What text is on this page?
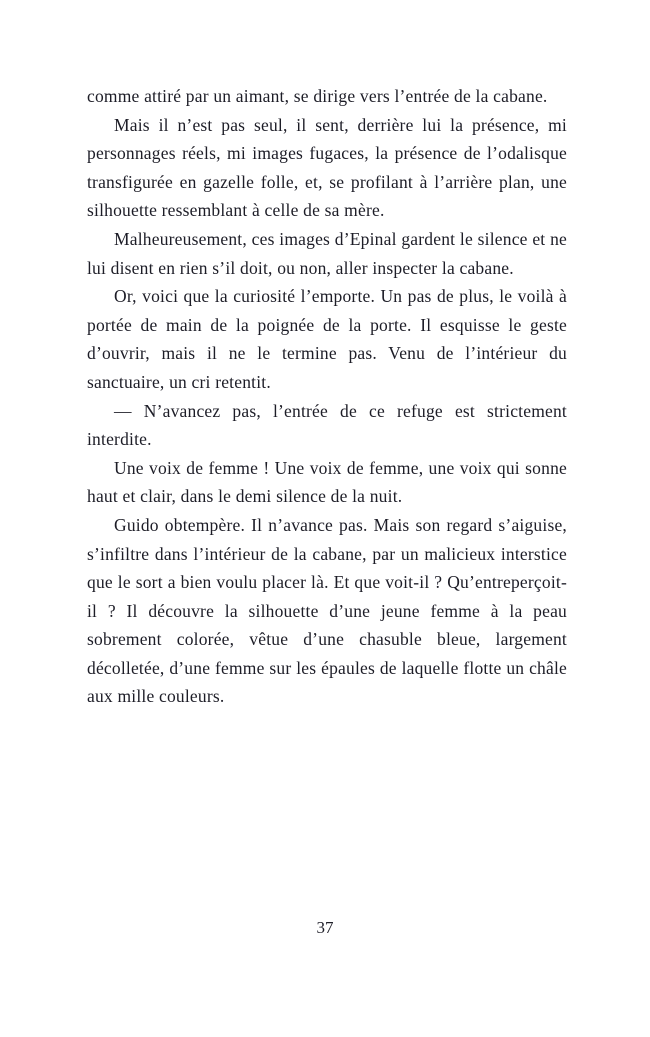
comme attiré par un aimant, se dirige vers l’entrée de la cabane.

Mais il n’est pas seul, il sent, derrière lui la présence, mi personnages réels, mi images fugaces, la présence de l’odalisque transfigurée en gazelle folle, et, se profilant à l’arrière plan, une silhouette ressemblant à celle de sa mère.

Malheureusement, ces images d’Epinal gardent le silence et ne lui disent en rien s’il doit, ou non, aller inspecter la cabane.

Or, voici que la curiosité l’emporte. Un pas de plus, le voilà à portée de main de la poignée de la porte. Il esquisse le geste d’ouvrir, mais il ne le termine pas. Venu de l’intérieur du sanctuaire, un cri retentit.

— N’avancez pas, l’entrée de ce refuge est strictement interdite.

Une voix de femme ! Une voix de femme, une voix qui sonne haut et clair, dans le demi silence de la nuit.

Guido obtempère. Il n’avance pas. Mais son regard s’aiguise, s’infiltre dans l’intérieur de la cabane, par un malicieux interstice que le sort a bien voulu placer là. Et que voit-il ? Qu’entreperçoit-il ? Il découvre la silhouette d’une jeune femme à la peau sobrement colorée, vêtue d’une chasuble bleue, largement décolletée, d’une femme sur les épaules de laquelle flotte un châle aux mille couleurs.

37
